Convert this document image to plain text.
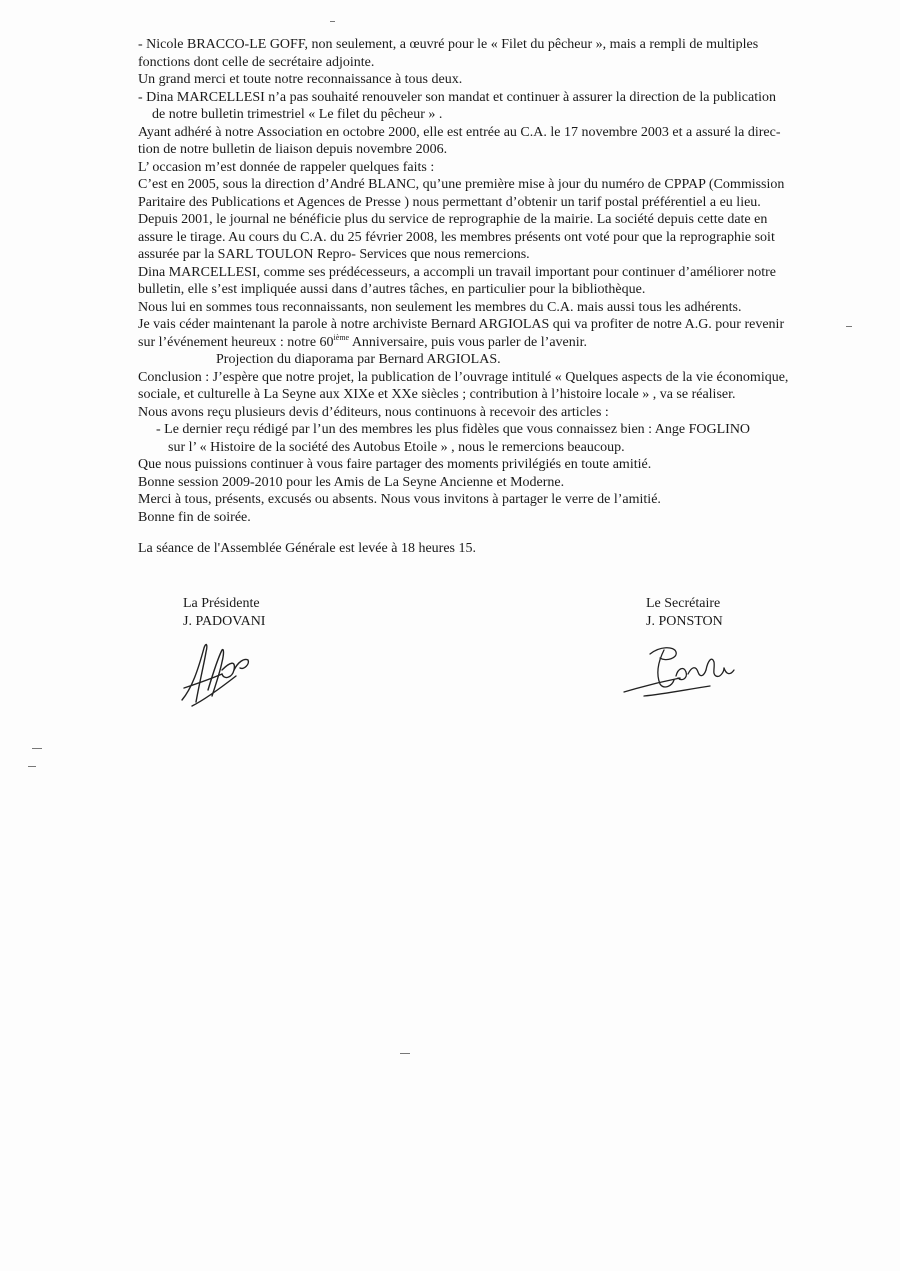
- Nicole BRACCO-LE GOFF, non seulement, a œuvré pour le « Filet du pêcheur », mais a rempli de multiples

fonctions dont celle de secrétaire adjointe.

Un grand merci et toute notre reconnaissance à tous deux.

- Dina MARCELLESI n’a pas souhaité renouveler son mandat et continuer à assurer la direction de la publication

de notre bulletin trimestriel « Le filet du pêcheur » .

Ayant adhéré à notre Association en octobre 2000, elle est entrée au C.A. le 17 novembre 2003 et a assuré la direc-

tion de notre bulletin de liaison depuis novembre 2006.

L’ occasion m’est donnée de rappeler quelques faits :

C’est en 2005, sous la direction d’André BLANC, qu’une première mise à jour du numéro de CPPAP (Commission

Paritaire des Publications et Agences de Presse ) nous permettant d’obtenir un tarif postal préférentiel a eu lieu.

Depuis 2001, le journal ne bénéficie plus du service de reprographie de la mairie. La société depuis cette date en

assure le tirage. Au cours du C.A. du 25 février 2008, les membres présents ont voté pour que la reprographie soit

assurée par la SARL TOULON Repro- Services que nous remercions.

Dina MARCELLESI, comme ses prédécesseurs, a accompli un travail important pour continuer d’améliorer notre

bulletin, elle s’est impliquée aussi dans d’autres tâches, en particulier pour la bibliothèque.

Nous lui en sommes tous reconnaissants, non seulement les membres du C.A. mais aussi tous les adhérents.

Je vais céder maintenant la parole à notre archiviste Bernard ARGIOLAS qui va profiter de notre A.G. pour revenir

sur l’événement heureux : notre 60ième Anniversaire, puis vous parler de l’avenir.

Projection du diaporama par Bernard ARGIOLAS.

Conclusion : J’espère que notre projet, la publication de l’ouvrage intitulé « Quelques aspects de la vie économique,

sociale, et culturelle à La Seyne aux XIXe et XXe siècles ; contribution à l’histoire locale » , va se réaliser.

Nous avons reçu plusieurs devis d’éditeurs, nous continuons à recevoir des articles :

- Le dernier reçu rédigé par l’un des membres les plus fidèles que vous connaissez bien : Ange FOGLINO

sur l’ « Histoire de la société des Autobus Etoile » , nous le remercions beaucoup.

Que nous puissions continuer à vous faire partager des moments privilégiés en toute amitié.

Bonne session 2009-2010 pour les Amis de La Seyne Ancienne et Moderne.

Merci à tous, présents, excusés ou absents. Nous vous invitons à partager le verre de l’amitié.

Bonne fin de soirée.

La séance de l'Assemblée Générale est levée à 18 heures 15.
La Présidente
J. PADOVANI
Le Secrétaire
J. PONSTON
